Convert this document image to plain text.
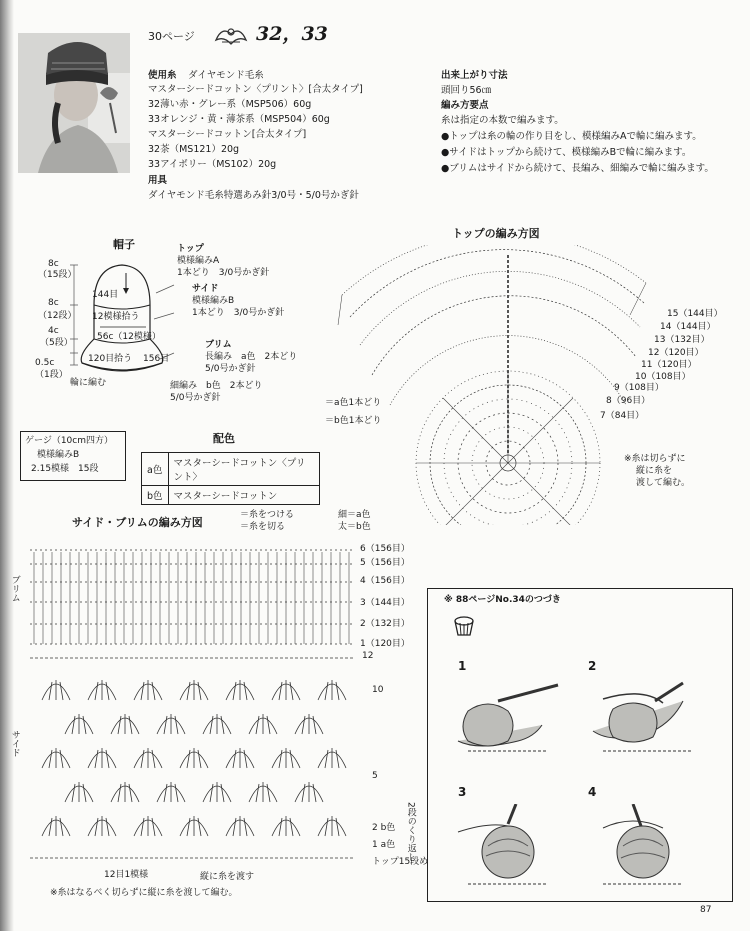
30ページ	32，33
使用糸 ダイヤモンド毛糸
マスターシードコットン〈プリント〉[合太タイプ]
32薄い赤・グレー系（MSP506）60g
33オレンジ・黄・薄茶系（MSP504）60g
マスターシードコットン[合太タイプ]
32茶（MS121）20g
33アイボリー（MS102）20g
用具
ダイヤモンド毛糸特選あみ針3/0号・5/0号かぎ針
出来上がり寸法
頭回り56㎝
編み方要点
糸は指定の本数で編みます。
●トップは糸の輪の作り目をし、模様編みAで輪に編みます。
●サイドはトップから続けて、模様編みBで輪に編みます。
●ブリムはサイドから続けて、長編み、細編みで輪に編みます。
帽子
8c
（15段）
144目
8c
（12段） 12模様拾う
4c
（5段）
56c（12模様）
0.5c
（1段）
120目拾う 156目
輪に編む
トップ
模様編みA
1本どり　3/0号かぎ針
サイド
模様編みB
1本どり　3/0号かぎ針
ブリム
長編み　a色　2本どり
5/0号かぎ針
細編み　b色　2本どり
5/0号かぎ針
ゲージ（10cm四方）
模様編みB
2.15模様　15段
配色
a色	マスターシードコットン〈プリント〉
b色	マスターシードコットン
トップの編み方図
＝a色1本どり
＝b色1本どり
15（144目）
14（144目）
13（132目）
12（120目）
11（120目）
10（108目）
9（108目）
8（96目）
7（84目）
※糸は切らずに
縦に糸を
渡して編む。
サイド・ブリムの編み方図
＝糸をつける
＝糸を切る
細＝a色
太＝b色
ブリム
サイド
6（156目）
5（156目）
4（156目）
3（144目）
2（132目）
1（120目）
12
10
5
2 b色
1 a色
トップ15段め
2段のくり返し
12目1模様	縦に糸を渡す
※糸はなるべく切らずに縦に糸を渡して編む。
※ 88ページNo.34のつづき
1	2
3	4
87
